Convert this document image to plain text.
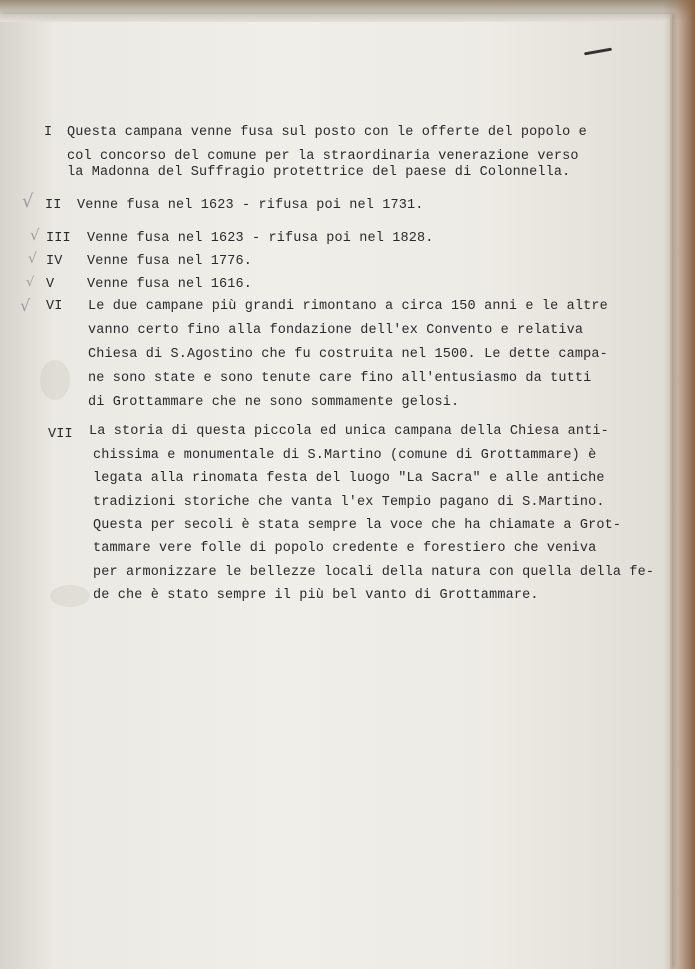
√
√
√
√
√

I

Questa campana venne fusa sul posto con le offerte del popolo e

col concorso del comune per la straordinaria venerazione verso

la Madonna del Suffragio protettrice del paese di Colonnella.

II

Venne fusa nel 1623 - rifusa poi nel 1731.

III

Venne fusa nel 1623 - rifusa poi nel 1828.

IV

Venne fusa nel 1776.

V

Venne fusa nel 1616.

VI

Le due campane più grandi rimontano a circa 150 anni e le altre

vanno certo fino alla fondazione dell'ex Convento e relativa

Chiesa di S.Agostino che fu costruita nel 1500. Le dette campa-

ne sono state e sono tenute care fino all'entusiasmo da tutti

di Grottammare che ne sono sommamente gelosi.

VII

La storia di questa piccola ed unica campana della Chiesa anti-

chissima e monumentale di S.Martino (comune di Grottammare) è

legata alla rinomata festa del luogo "La Sacra" e alle antiche

tradizioni storiche che vanta l'ex Tempio pagano di S.Martino.

Questa per secoli è stata sempre la voce che ha chiamate a Grot-

tammare vere folle di popolo credente e forestiero che veniva

per armonizzare le bellezze locali della natura con quella della fe-

de che è stato sempre il più bel vanto di Grottammare.
